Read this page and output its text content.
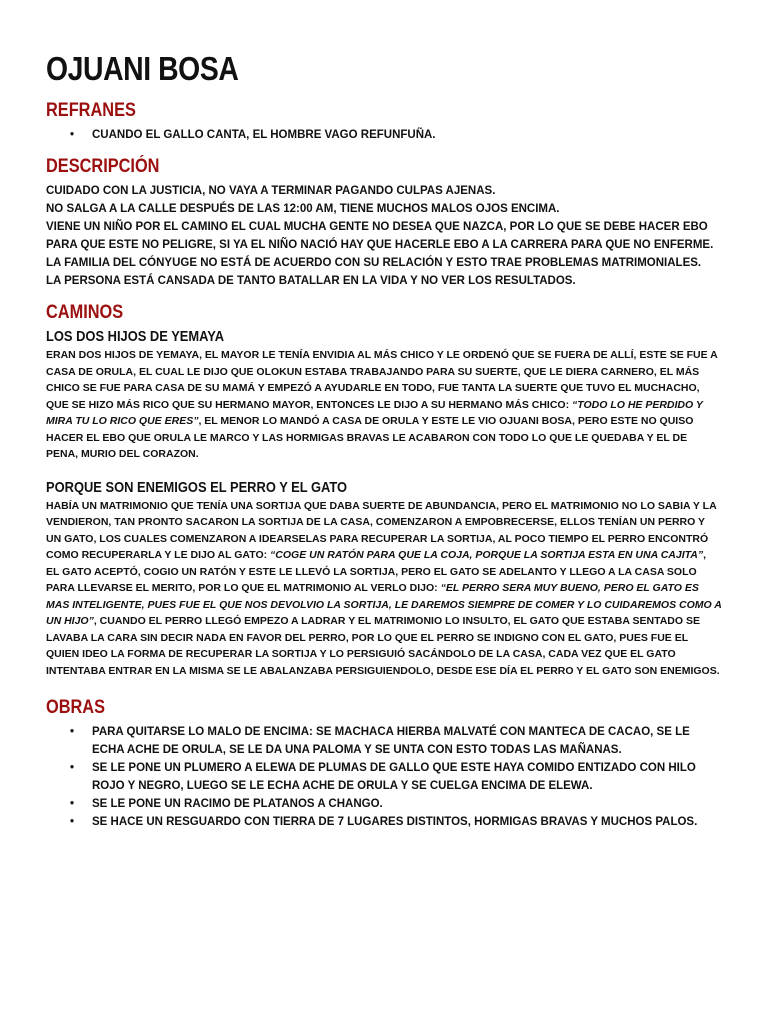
OJUANI BOSA
REFRANES
• CUANDO EL GALLO CANTA, EL HOMBRE VAGO REFUNFUÑA.
DESCRIPCIÓN

CUIDADO CON LA JUSTICIA, NO VAYA A TERMINAR PAGANDO CULPAS AJENAS.

NO SALGA A LA CALLE DESPUÉS DE LAS 12:00 AM, TIENE MUCHOS MALOS OJOS ENCIMA.

VIENE UN NIÑO POR EL CAMINO EL CUAL MUCHA GENTE NO DESEA QUE NAZCA, POR LO QUE SE DEBE HACER EBO PARA QUE ESTE NO PELIGRE, SI YA EL NIÑO NACIÓ HAY QUE HACERLE EBO A LA CARRERA PARA QUE NO ENFERME.

LA FAMILIA DEL CÓNYUGE NO ESTÁ DE ACUERDO CON SU RELACIÓN Y ESTO TRAE PROBLEMAS MATRIMONIALES.

LA PERSONA ESTÁ CANSADA DE TANTO BATALLAR EN LA VIDA Y NO VER LOS RESULTADOS.

CAMINOS
LOS DOS HIJOS DE YEMAYA

ERAN DOS HIJOS DE YEMAYA, EL MAYOR LE TENÍA ENVIDIA AL MÁS CHICO Y LE ORDENÓ QUE SE FUERA DE ALLÍ, ESTE SE FUE A CASA DE ORULA, EL CUAL LE DIJO QUE OLOKUN ESTABA TRABAJANDO PARA SU SUERTE, QUE LE DIERA CARNERO, EL MÁS CHICO SE FUE PARA CASA DE SU MAMÁ Y EMPEZÓ A AYUDARLE EN TODO, FUE TANTA LA SUERTE QUE TUVO EL MUCHACHO, QUE SE HIZO MÁS RICO QUE SU HERMANO MAYOR, ENTONCES LE DIJO A SU HERMANO MÁS CHICO: “TODO LO HE PERDIDO Y MIRA TU LO RICO QUE ERES”, EL MENOR LO MANDÓ A CASA DE ORULA Y ESTE LE VIO OJUANI BOSA, PERO ESTE NO QUISO HACER EL EBO QUE ORULA LE MARCO Y LAS HORMIGAS BRAVAS LE ACABARON CON TODO LO QUE LE QUEDABA Y EL DE PENA, MURIO DEL CORAZON.

PORQUE SON ENEMIGOS EL PERRO Y EL GATO

HABÍA UN MATRIMONIO QUE TENÍA UNA SORTIJA QUE DABA SUERTE DE ABUNDANCIA, PERO EL MATRIMONIO NO LO SABIA Y LA VENDIERON, TAN PRONTO SACARON LA SORTIJA DE LA CASA, COMENZARON A EMPOBRECERSE, ELLOS TENÍAN UN PERRO Y UN GATO, LOS CUALES COMENZARON A IDEARSELAS PARA RECUPERAR LA SORTIJA, AL POCO TIEMPO EL PERRO ENCONTRÓ COMO RECUPERARLA Y LE DIJO AL GATO: “COGE UN RATÓN PARA QUE LA COJA, PORQUE LA SORTIJA ESTA EN UNA CAJITA”, EL GATO ACEPTÓ, COGIO UN RATÓN Y ESTE LE LLEVÓ LA SORTIJA, PERO EL GATO SE ADELANTO Y LLEGO A LA CASA SOLO PARA LLEVARSE EL MERITO, POR LO QUE EL MATRIMONIO AL VERLO DIJO: “EL PERRO SERA MUY BUENO, PERO EL GATO ES MAS INTELIGENTE, PUES FUE EL QUE NOS DEVOLVIO LA SORTIJA, LE DAREMOS SIEMPRE DE COMER Y LO CUIDAREMOS COMO A UN HIJO”, CUANDO EL PERRO LLEGÓ EMPEZO A LADRAR Y EL MATRIMONIO LO INSULTO, EL GATO QUE ESTABA SENTADO SE LAVABA LA CARA SIN DECIR NADA EN FAVOR DEL PERRO, POR LO QUE EL PERRO SE INDIGNO CON EL GATO, PUES FUE EL QUIEN IDEO LA FORMA DE RECUPERAR LA SORTIJA Y LO PERSIGUIÓ SACÁNDOLO DE LA CASA, CADA VEZ QUE EL GATO INTENTABA ENTRAR EN LA MISMA SE LE ABALANZABA PERSIGUIENDOLO, DESDE ESE DÍA EL PERRO Y EL GATO SON ENEMIGOS.

OBRAS
• PARA QUITARSE LO MALO DE ENCIMA: SE MACHACA HIERBA MALVATÉ CON MANTECA DE CACAO, SE LE ECHA ACHE DE ORULA, SE LE DA UNA PALOMA Y SE UNTA CON ESTO TODAS LAS MAÑANAS.
• SE LE PONE UN PLUMERO A ELEWA DE PLUMAS DE GALLO QUE ESTE HAYA COMIDO ENTIZADO CON HILO ROJO Y NEGRO, LUEGO SE LE ECHA ACHE DE ORULA Y SE CUELGA ENCIMA DE ELEWA.
• SE LE PONE UN RACIMO DE PLATANOS A CHANGO.
• SE HACE UN RESGUARDO CON TIERRA DE 7 LUGARES DISTINTOS, HORMIGAS BRAVAS Y MUCHOS PALOS.
